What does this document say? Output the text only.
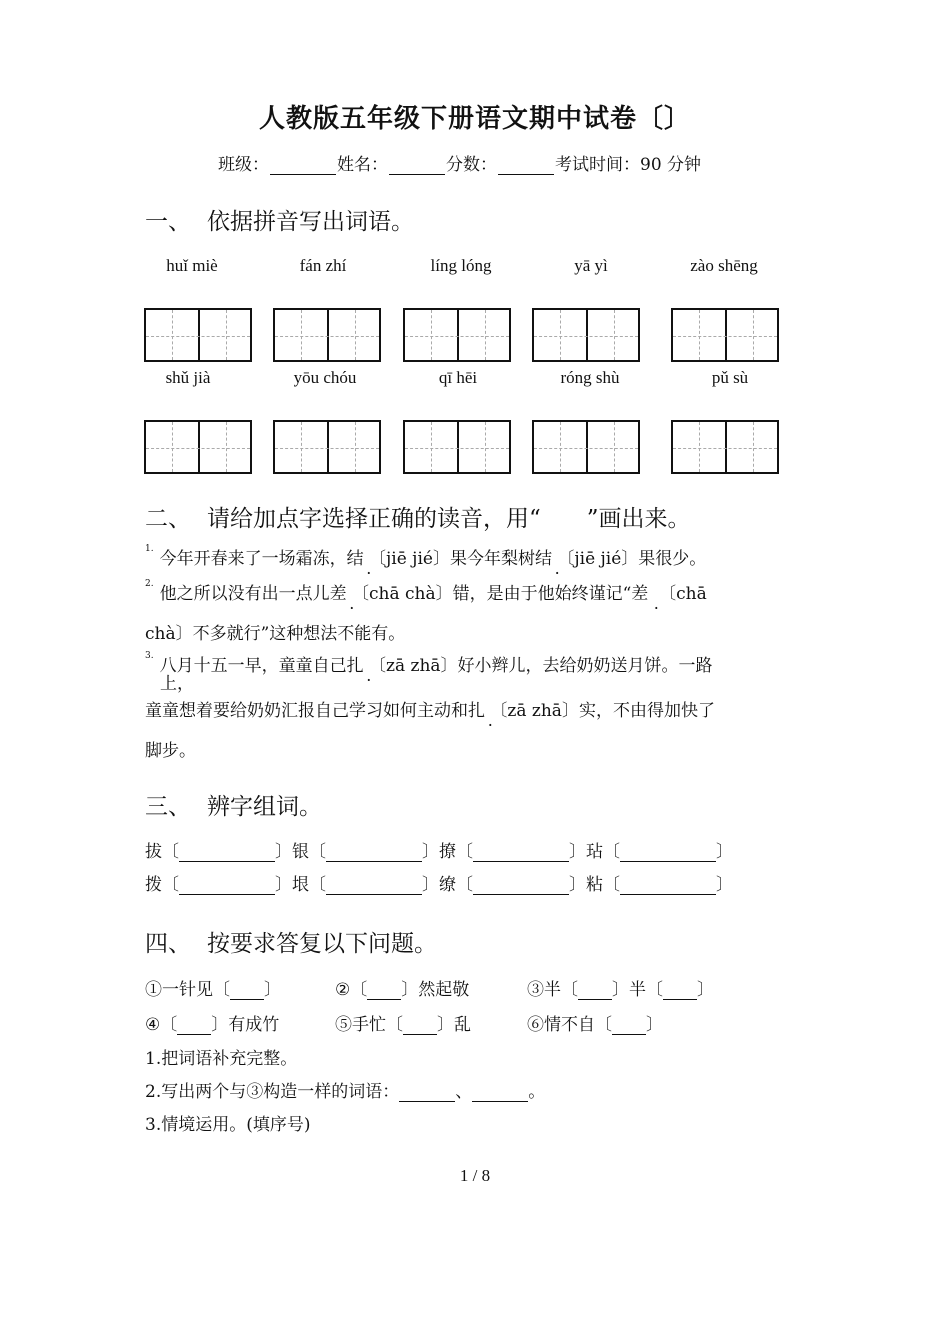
人教版五年级下册语文期中试卷〔〕
班级：	姓名：	分数：	考试时间：90 分钟
一、 依据拼音写出词语。
huǐ miè	fán zhí	líng lóng	yā yì	zào shēng
shǔ jià	yōu chóu	qī hēi	róng shù	pǔ sù
二、 请给加点字选择正确的读音，用“　　”画出来。
$^{1.}$ 今年开春来了一场霜冻，结 . 〔jiē jié〕果今年梨树结 . 〔jiē jié〕果很少。
$^{2.}$ 他之所以没有出一点儿差 . 〔chā chà〕错，是由于他始终谨记“差 . 〔chā
chà〕不多就行”这种想法不能有。
$^{3.}$ 八月十五一早，童童自己扎 . 〔zā zhā〕好小辫儿，去给奶奶送月饼。一路
上，
童童想着要给奶奶汇报自己学习如何主动和扎 . 〔zā zhā〕实，不由得加快了
脚步。
三、 辨字组词。
拔〔	〕银〔	〕撩〔	〕玷〔	〕
拨〔	〕垠〔	〕缭〔	〕粘〔	〕
四、 按要求答复以下问题。
①一针见〔 〕	②〔 〕然起敬	③半〔 〕半〔 〕
④〔 〕有成竹	⑤手忙〔 〕乱	⑥情不自〔 〕
1.把词语补充完整。
2.写出两个与③构造一样的词语：	、	。
3.情境运用。(填序号)
1 / 8
